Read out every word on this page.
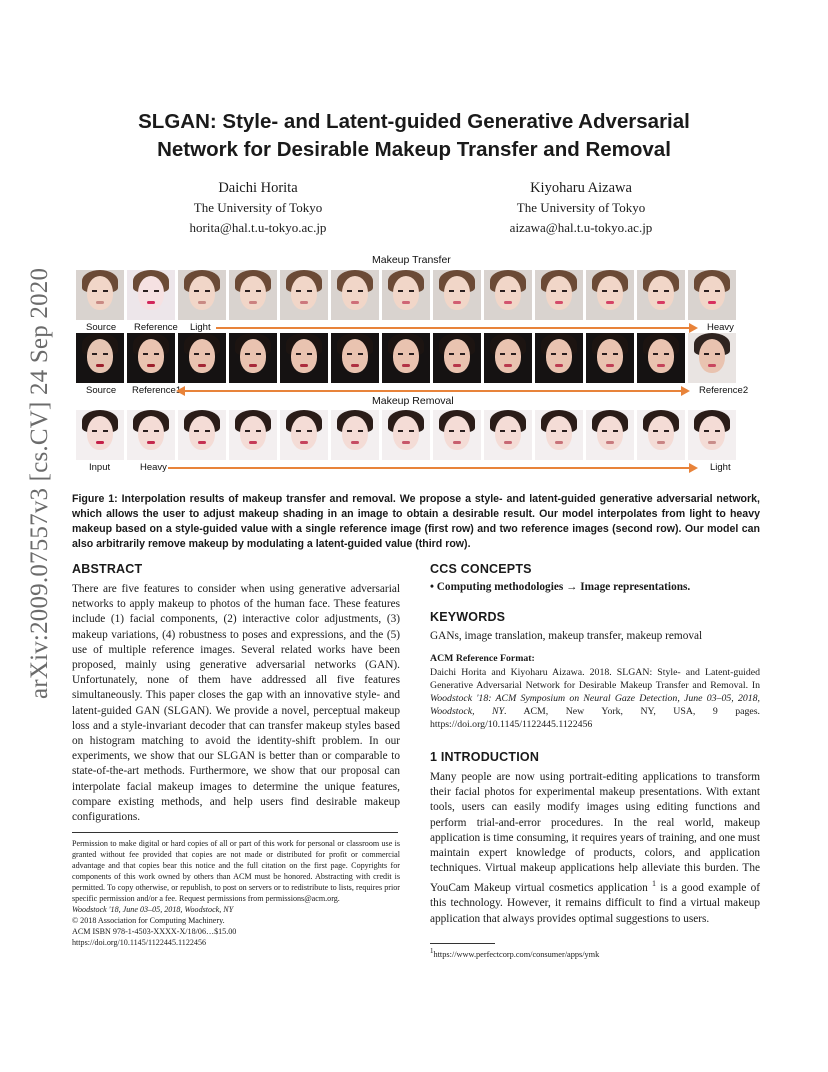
arXiv:2009.07557v3 [cs.CV] 24 Sep 2020
SLGAN: Style- and Latent-guided Generative Adversarial
Network for Desirable Makeup Transfer and Removal
Daichi Horita
The University of Tokyo
horita@hal.t.u-tokyo.ac.jp
Kiyoharu Aizawa
The University of Tokyo
aizawa@hal.t.u-tokyo.ac.jp
Makeup Transfer
Source Reference Light	Heavy
Source Reference1	Reference2
Makeup Removal
Input	Heavy	Light
Figure 1: Interpolation results of makeup transfer and removal. We propose a style- and latent-guided generative adversarial network, which allows the user to adjust makeup shading in an image to obtain a desirable result. Our model interpolates from light to heavy makeup based on a style-guided value with a single reference image (first row) and two reference images (second row). Our model can also arbitrarily remove makeup by modulating a latent-guided value (third row).
ABSTRACT
There are five features to consider when using generative adversarial networks to apply makeup to photos of the human face. These features include (1) facial components, (2) interactive color adjustments, (3) makeup variations, (4) robustness to poses and expressions, and the (5) use of multiple reference images. Several related works have been proposed, mainly using generative adversarial networks (GAN). Unfortunately, none of them have addressed all five features simultaneously. This paper closes the gap with an innovative style- and latent-guided GAN (SLGAN). We provide a novel, perceptual makeup loss and a style-invariant decoder that can transfer makeup styles based on histogram matching to avoid the identity-shift problem. In our experiments, we show that our SLGAN is better than or comparable to state-of-the-art methods. Furthermore, we show that our proposal can interpolate facial makeup images to determine the unique features, compare existing methods, and help users find desirable makeup configurations.
Permission to make digital or hard copies of all or part of this work for personal or classroom use is granted without fee provided that copies are not made or distributed for profit or commercial advantage and that copies bear this notice and the full citation on the first page. Copyrights for components of this work owned by others than ACM must be honored. Abstracting with credit is permitted. To copy otherwise, or republish, to post on servers or to redistribute to lists, requires prior specific permission and/or a fee. Request permissions from permissions@acm.org.
Woodstock '18, June 03–05, 2018, Woodstock, NY
© 2018 Association for Computing Machinery.
ACM ISBN 978-1-4503-XXXX-X/18/06…$15.00
https://doi.org/10.1145/1122445.1122456
CCS CONCEPTS
• Computing methodologies → Image representations.
KEYWORDS
GANs, image translation, makeup transfer, makeup removal
ACM Reference Format:
Daichi Horita and Kiyoharu Aizawa. 2018. SLGAN: Style- and Latent-guided Generative Adversarial Network for Desirable Makeup Transfer and Removal. In Woodstock '18: ACM Symposium on Neural Gaze Detection, June 03–05, 2018, Woodstock, NY. ACM, New York, NY, USA, 9 pages. https://doi.org/10.1145/1122445.1122456
1 INTRODUCTION
Many people are now using portrait-editing applications to transform their facial photos for experimental makeup presentations. With extant tools, users can easily modify images using editing functions and perform trial-and-error procedures. In the real world, makeup application is time consuming, it requires years of training, and one must maintain expert knowledge of products, colors, and application techniques. Virtual makeup applications help alleviate this burden. The YouCam Makeup virtual cosmetics application $^1$ is a good example of this technology. However, it remains difficult to find a virtual makeup application that always provides optimal suggestions to users.
$^1$https://www.perfectcorp.com/consumer/apps/ymk
